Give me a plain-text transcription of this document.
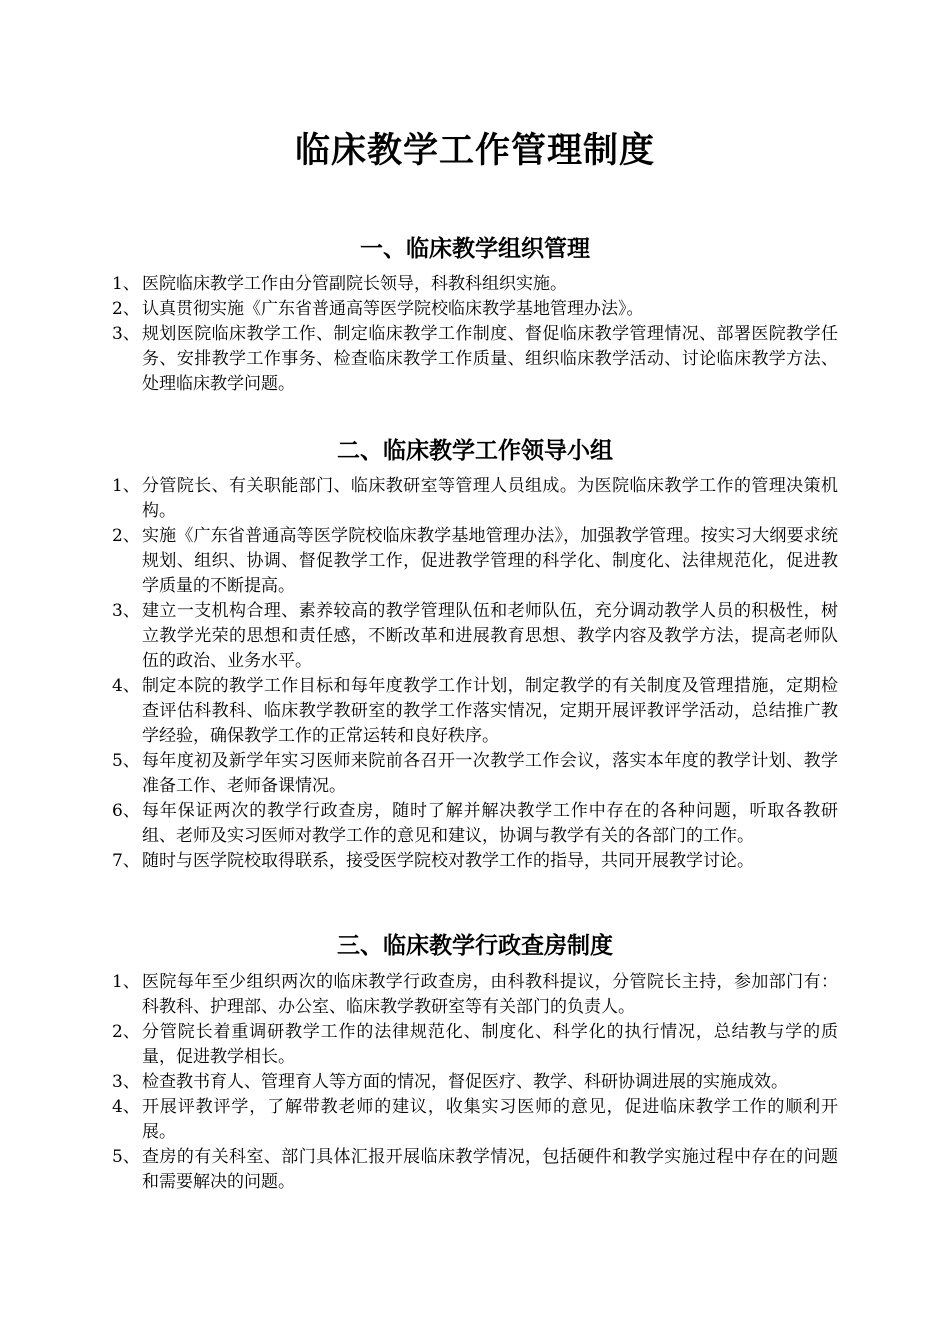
临床教学工作管理制度
一、临床教学组织管理
1、 医院临床教学工作由分管副院长领导，科教科组织实施。
2、 认真贯彻实施《广东省普通高等医学院校临床教学基地管理办法》。
3、 规划医院临床教学工作、制定临床教学工作制度、督促临床教学管理情况、部署医院教学任务、安排教学工作事务、检查临床教学工作质量、组织临床教学活动、讨论临床教学方法、处理临床教学问题。
二、临床教学工作领导小组
1、 分管院长、有关职能部门、临床教研室等管理人员组成。为医院临床教学工作的管理决策机构。
2、 实施《广东省普通高等医学院校临床教学基地管理办法》，加强教学管理。按实习大纲要求统规划、组织、协调、督促教学工作，促进教学管理的科学化、制度化、法律规范化，促进教学质量的不断提高。
3、 建立一支机构合理、素养较高的教学管理队伍和老师队伍，充分调动教学人员的积极性，树立教学光荣的思想和责任感，不断改革和进展教育思想、教学内容及教学方法，提高老师队伍的政治、业务水平。
4、 制定本院的教学工作目标和每年度教学工作计划，制定教学的有关制度及管理措施，定期检查评估科教科、临床教学教研室的教学工作落实情况，定期开展评教评学活动，总结推广教学经验，确保教学工作的正常运转和良好秩序。
5、 每年度初及新学年实习医师来院前各召开一次教学工作会议，落实本年度的教学计划、教学准备工作、老师备课情况。
6、 每年保证两次的教学行政查房，随时了解并解决教学工作中存在的各种问题，听取各教研组、老师及实习医师对教学工作的意见和建议，协调与教学有关的各部门的工作。
7、 随时与医学院校取得联系，接受医学院校对教学工作的指导，共同开展教学讨论。
三、临床教学行政查房制度
1、 医院每年至少组织两次的临床教学行政查房，由科教科提议，分管院长主持，参加部门有：科教科、护理部、办公室、临床教学教研室等有关部门的负责人。
2、 分管院长着重调研教学工作的法律规范化、制度化、科学化的执行情况，总结教与学的质量，促进教学相长。
3、 检查教书育人、管理育人等方面的情况，督促医疗、教学、科研协调进展的实施成效。
4、 开展评教评学，了解带教老师的建议，收集实习医师的意见，促进临床教学工作的顺利开展。
5、 查房的有关科室、部门具体汇报开展临床教学情况，包括硬件和教学实施过程中存在的问题和需要解决的问题。
